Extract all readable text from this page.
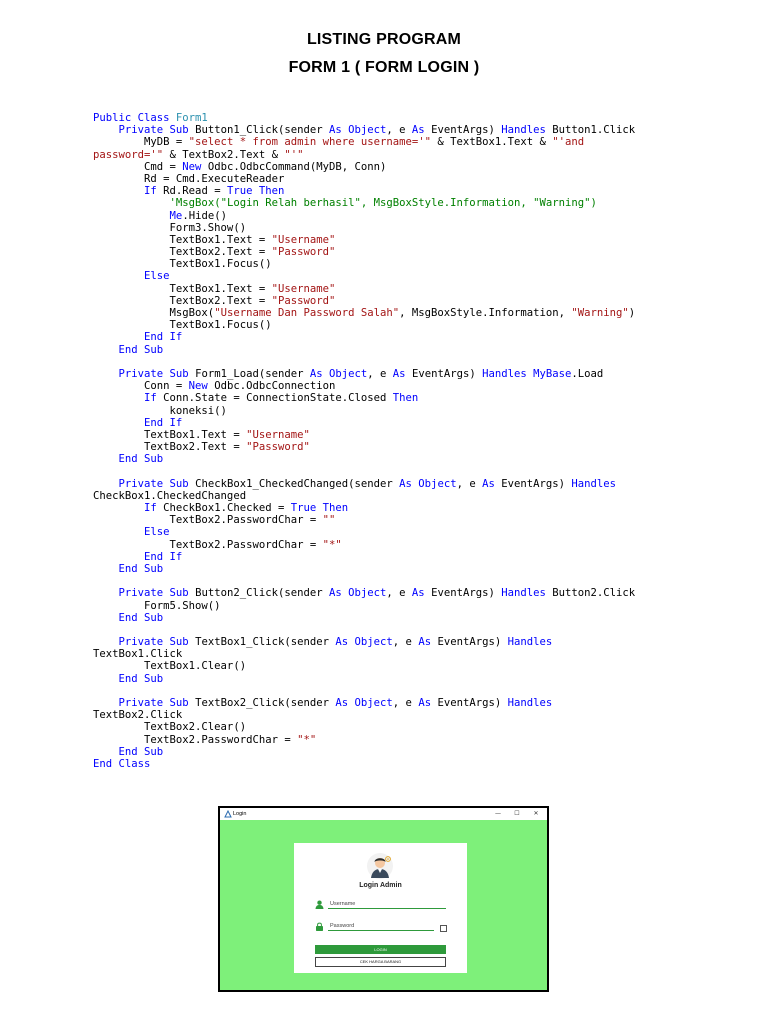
LISTING PROGRAM
FORM 1 ( FORM LOGIN )
Public Class Form1
Private Sub Button1_Click(sender As Object, e As EventArgs) Handles Button1.Click
MyDB = "select * from admin where username='" & TextBox1.Text & "'and
password='" & TextBox2.Text & "'"
Cmd = New Odbc.OdbcCommand(MyDB, Conn)
Rd = Cmd.ExecuteReader
If Rd.Read = True Then
'MsgBox("Login Relah berhasil", MsgBoxStyle.Information, "Warning")
Me.Hide()
Form3.Show()
TextBox1.Text = "Username"
TextBox2.Text = "Password"
TextBox1.Focus()
Else
TextBox1.Text = "Username"
TextBox2.Text = "Password"
MsgBox("Username Dan Password Salah", MsgBoxStyle.Information, "Warning")
TextBox1.Focus()
End If
End Sub
Private Sub Form1_Load(sender As Object, e As EventArgs) Handles MyBase.Load
Conn = New Odbc.OdbcConnection
If Conn.State = ConnectionState.Closed Then
koneksi()
End If
TextBox1.Text = "Username"
TextBox2.Text = "Password"
End Sub
Private Sub CheckBox1_CheckedChanged(sender As Object, e As EventArgs) Handles
CheckBox1.CheckedChanged
If CheckBox1.Checked = True Then
TextBox2.PasswordChar = ""
Else
TextBox2.PasswordChar = "*"
End If
End Sub
Private Sub Button2_Click(sender As Object, e As EventArgs) Handles Button2.Click
Form5.Show()
End Sub
Private Sub TextBox1_Click(sender As Object, e As EventArgs) Handles
TextBox1.Click
TextBox1.Clear()
End Sub
Private Sub TextBox2_Click(sender As Object, e As EventArgs) Handles
TextBox2.Click
TextBox2.Clear()
TextBox2.PasswordChar = "*"
End Sub
End Class
Login	—	☐	✕
Login Admin
Username
Password
LOGIN
CEK HARGA BARANG
